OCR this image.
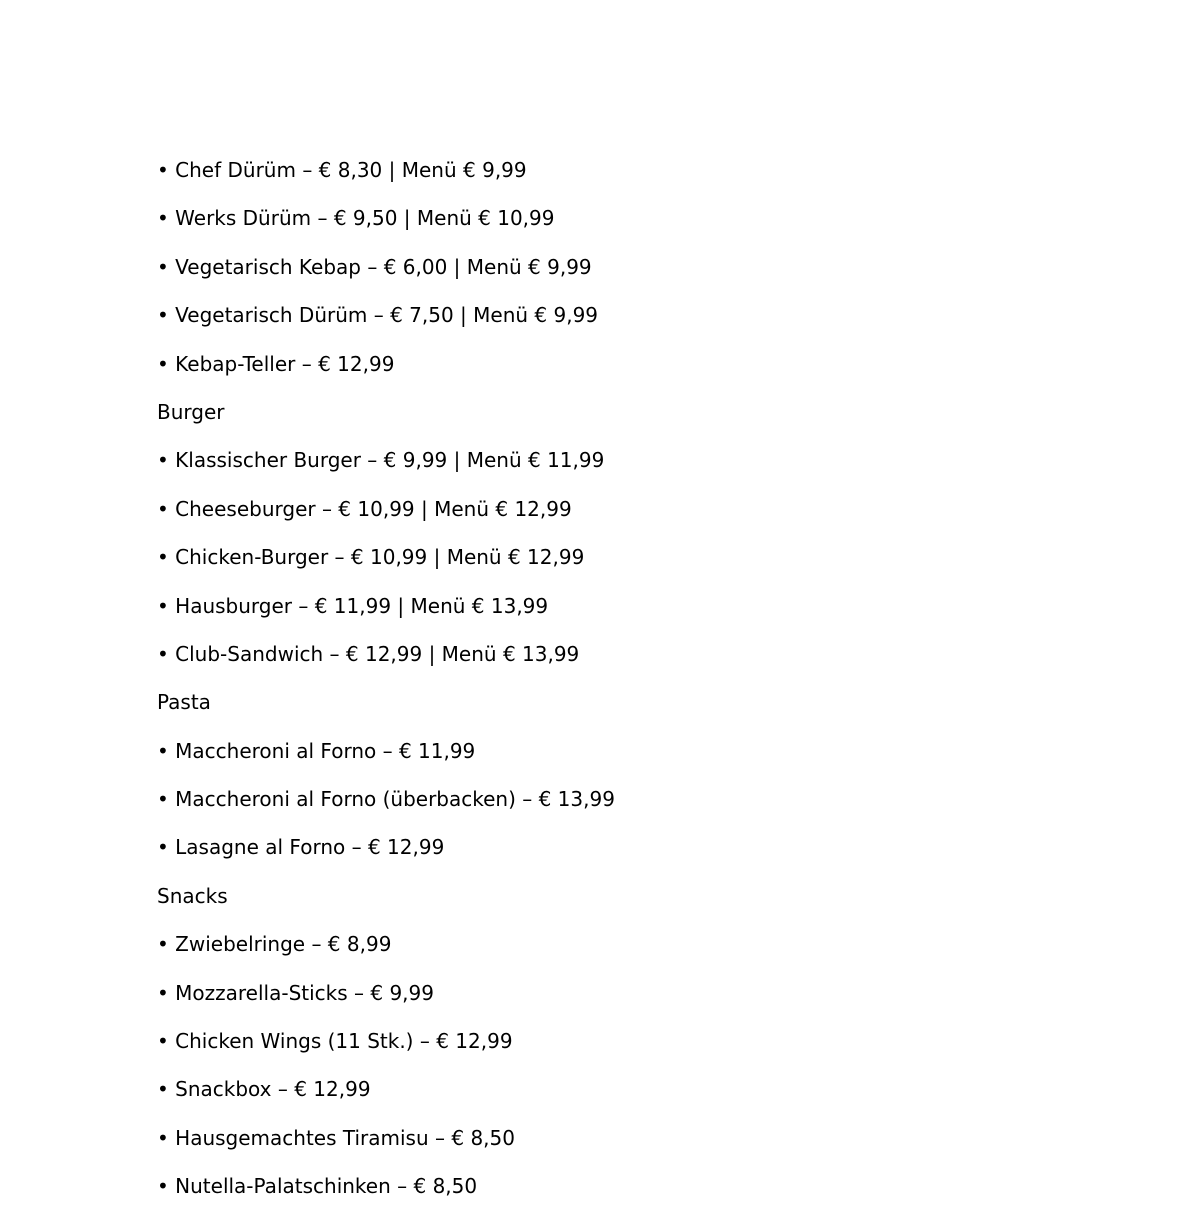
• Chef Dürüm – € 8,30 | Menü € 9,99
• Werks Dürüm – € 9,50 | Menü € 10,99
• Vegetarisch Kebap – € 6,00 | Menü € 9,99
• Vegetarisch Dürüm – € 7,50 | Menü € 9,99
• Kebap-Teller – € 12,99
Burger
• Klassischer Burger – € 9,99 | Menü € 11,99
• Cheeseburger – € 10,99 | Menü € 12,99
• Chicken-Burger – € 10,99 | Menü € 12,99
• Hausburger – € 11,99 | Menü € 13,99
• Club-Sandwich – € 12,99 | Menü € 13,99
Pasta
• Maccheroni al Forno – € 11,99
• Maccheroni al Forno (überbacken) – € 13,99
• Lasagne al Forno – € 12,99
Snacks
• Zwiebelringe – € 8,99
• Mozzarella-Sticks – € 9,99
• Chicken Wings (11 Stk.) – € 12,99
• Snackbox – € 12,99
• Hausgemachtes Tiramisu – € 8,50
• Nutella-Palatschinken – € 8,50
